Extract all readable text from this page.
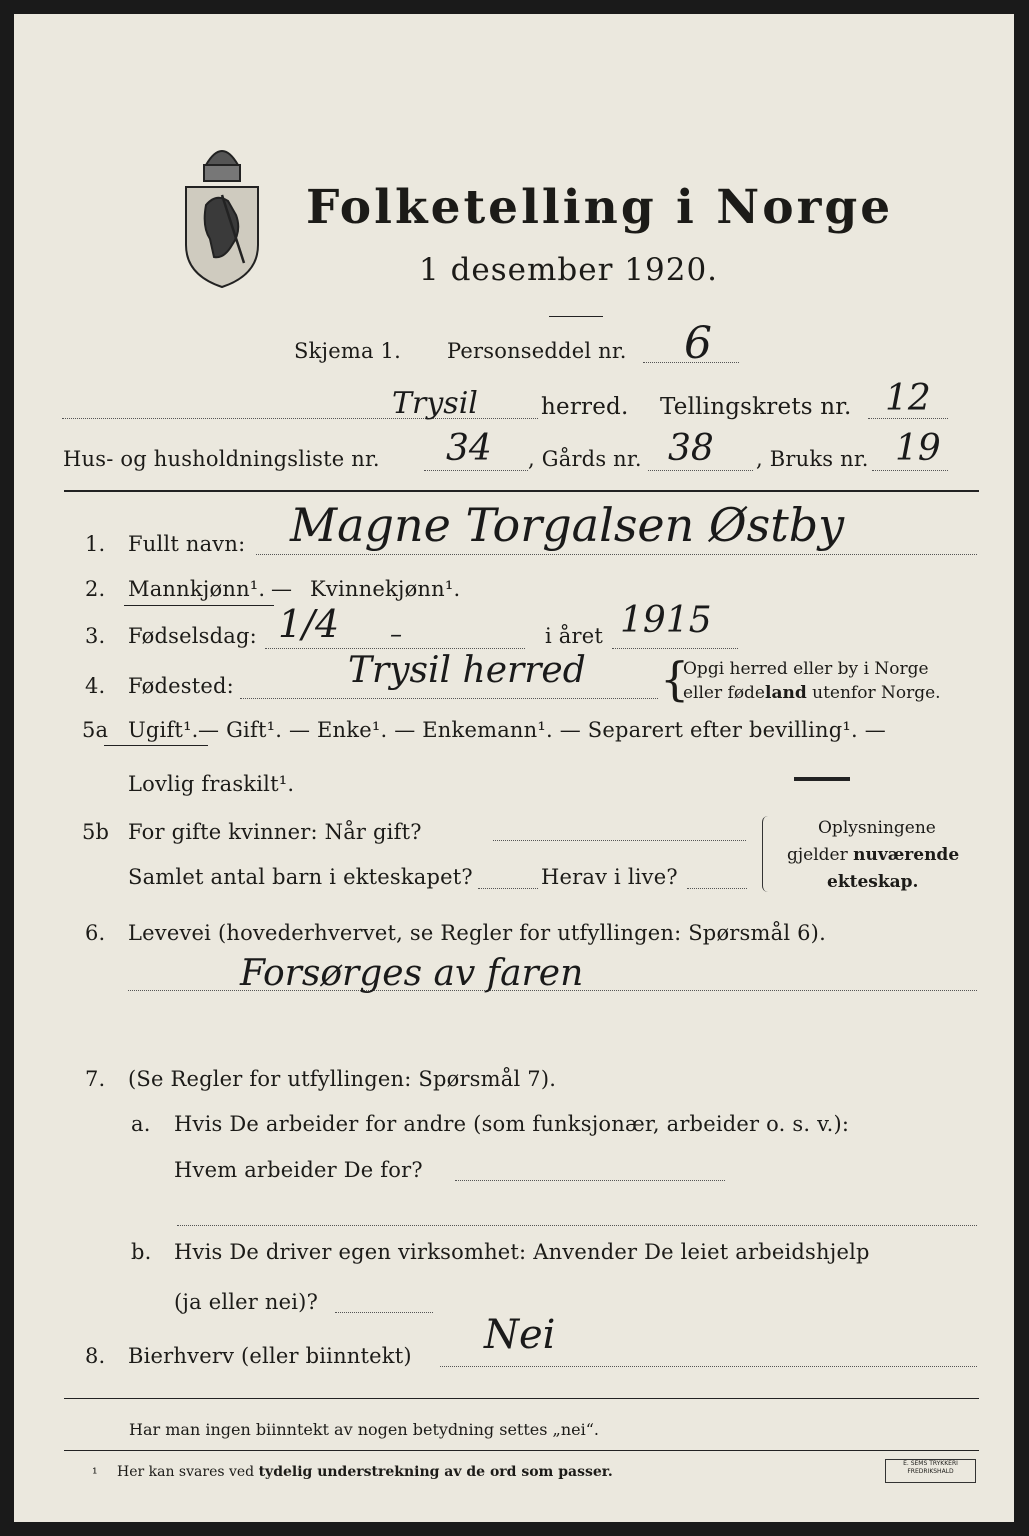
Folketelling i Norge
1 desember 1920.
Skjema 1. Personseddel nr. 6
Trysil	herred. Tellingskrets nr. 12
Hus- og husholdningsliste nr. 34 , Gårds nr. 38 , Bruks nr. 19
1. Fullt navn: Magne Torgalsen Østby
2. Mannkjønn¹. — Kvinnekjønn¹.
3. Fødselsdag: 1/4 –	i året 1915
4. Fødested:	Trysil herred {
Opgi herred eller by i Norge
eller fødeland utenfor Norge.
5a Ugift¹. — Gift¹. — Enke¹. — Enkemann¹. — Separert efter bevilling¹. —
Lovlig fraskilt¹.
5b For gifte kvinner: Når gift?
Samlet antal barn i ekteskapet?	Herav i live?
Oplysningene
gjelder nuværende
ekteskap.
6. Levevei (hovederhvervet, se Regler for utfyllingen: Spørsmål 6).
Forsørges av faren
7. (Se Regler for utfyllingen: Spørsmål 7).
a. Hvis De arbeider for andre (som funksjonær, arbeider o. s. v.):
Hvem arbeider De for?
b. Hvis De driver egen virksomhet: Anvender De leiet arbeidshjelp
(ja eller nei)?
8. Bierhverv (eller biinntekt) Nei
Har man ingen biinntekt av nogen betydning settes „nei“.
¹ Her kan svares ved tydelig understrekning av de ord som passer.
E. SEMS TRYKKERI FREDRIKSHALD
